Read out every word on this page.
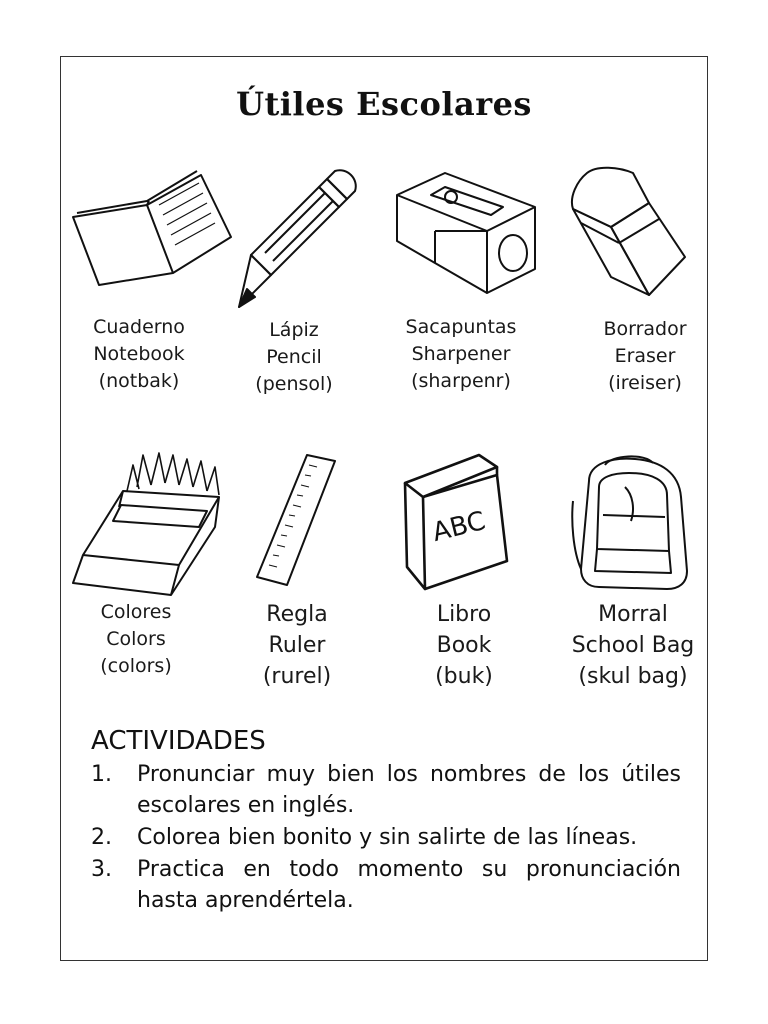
Útiles Escolares
Cuaderno
Notebook
(notbak)
Lápiz
Pencil
(pensol)
Sacapuntas
Sharpener
(sharpenr)
Borrador
Eraser
(ireiser)
ABC
Colores
Colors
(colors)
Regla
Ruler
(rurel)
Libro
Book
(buk)
Morral
School Bag
(skul bag)
ACTIVIDADES
1.	Pronunciar muy bien los nombres de los útiles escolares en inglés.
2.	Colorea bien bonito y sin salirte de las líneas.
3.	Practica en todo momento su pronunciación hasta aprendértela.
